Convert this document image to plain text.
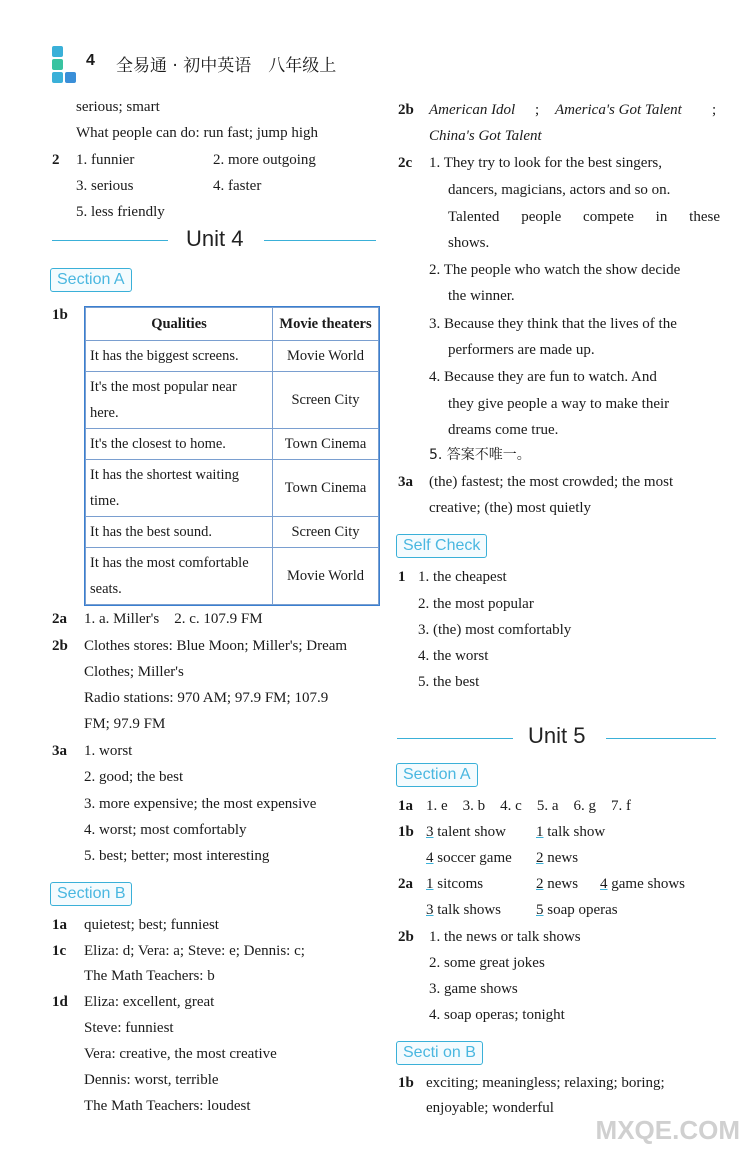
4 全易通 · 初中英语　八年级上
serious; smart
What people can do: run fast; jump high
2 1. funnier	2. more outgoing
3. serious	4. faster
5. less friendly
Unit 4
Section A
1b
Qualities	Movie theaters
It has the biggest screens.	Movie World
It's the most popular near here.	Screen City
It's the closest to home.	Town Cinema
It has the shortest waiting time.	Town Cinema
It has the best sound.	Screen City
It has the most comfortable seats.	Movie World
2a 1. a. Miller's　2. c. 107.9 FM
2b Clothes stores: Blue Moon; Miller's; Dream
Clothes; Miller's
Radio stations: 970 AM; 97.9 FM; 107.9
FM; 97.9 FM
3a 1. worst
2. good; the best
3. more expensive; the most expensive
4. worst; most comfortably
5. best; better; most interesting
Section B
1a quietest; best; funniest
1c Eliza: d; Vera: a; Steve: e; Dennis: c;
The Math Teachers: b
1d Eliza: excellent, great
Steve: funniest
Vera: creative, the most creative
Dennis: worst, terrible
The Math Teachers: loudest
2b American Idol ; America's Got Talent ;
China's Got Talent
2c 1. They try to look for the best singers,
dancers, magicians, actors and so on.
Talented people compete in these
shows.
2. The people who watch the show decide
the winner.
3. Because they think that the lives of the
performers are made up.
4. Because they are fun to watch. And
they give people a way to make their
dreams come true.
5. 答案不唯一。
3a (the) fastest; the most crowded; the most
creative; (the) most quietly
Self Check
1 1. the cheapest
2. the most popular
3. (the) most comfortably
4. the worst
5. the best
Unit 5
Section A
1a 1. e　3. b　4. c　5. a　6. g　7. f
1b 3 talent show 1 talk show
4 soccer game 2 news
2a 1 sitcoms	2 news 4 game shows
3 talk shows 5 soap operas
2b 1. the news or talk shows
2. some great jokes
3. game shows
4. soap operas; tonight
Secti on B
1b exciting; meaningless; relaxing; boring;
enjoyable; wonderful
MXQE.COM
